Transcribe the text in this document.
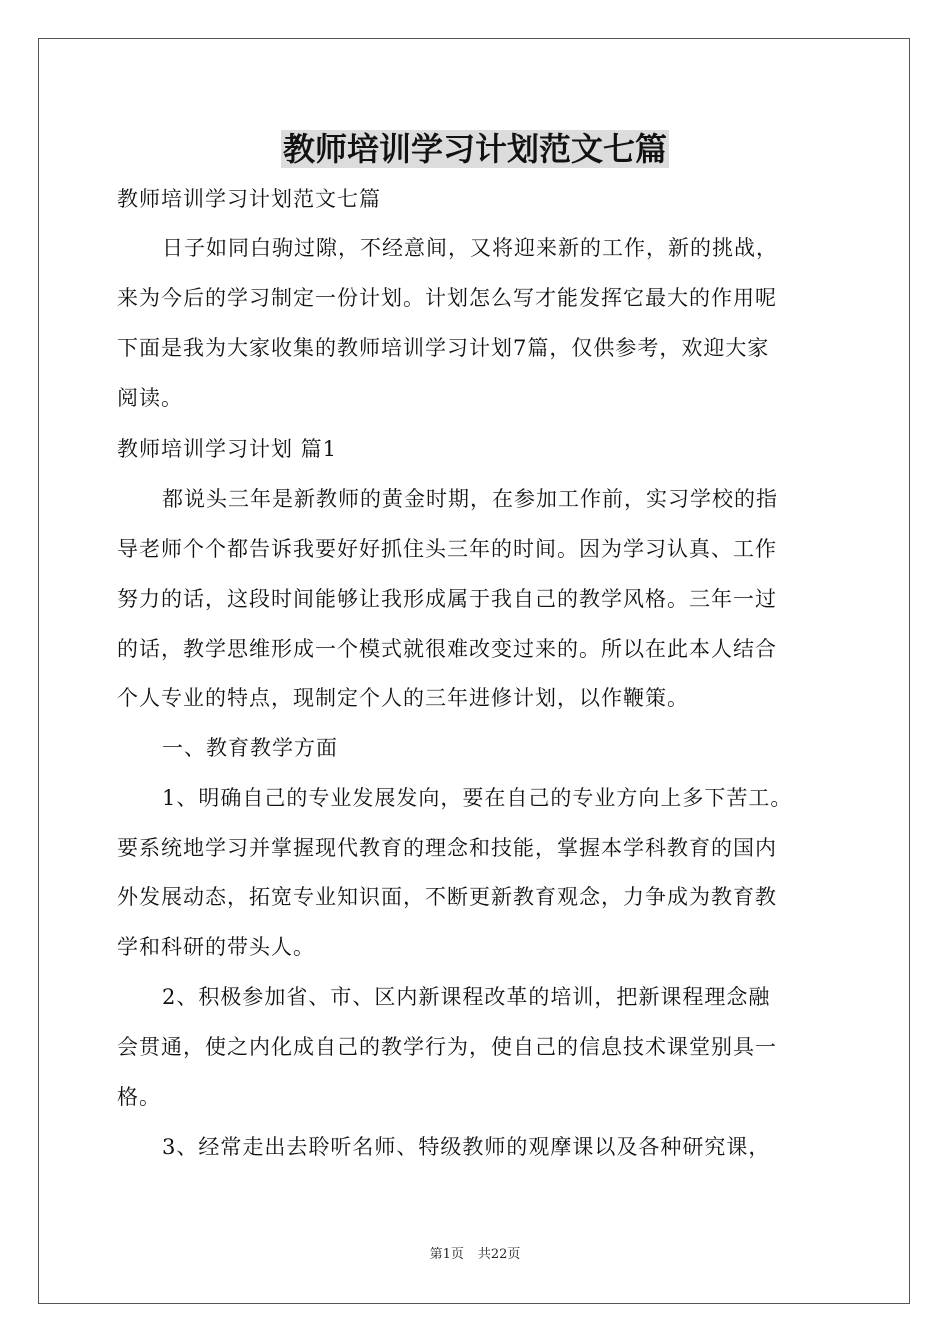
教师培训学习计划范文七篇

教师培训学习计划范文七篇

日子如同白驹过隙，不经意间，又将迎来新的工作，新的挑战，

来为今后的学习制定一份计划。计划怎么写才能发挥它最大的作用呢

下面是我为大家收集的教师培训学习计划7篇，仅供参考，欢迎大家

阅读。

教师培训学习计划 篇1

都说头三年是新教师的黄金时期，在参加工作前，实习学校的指

导老师个个都告诉我要好好抓住头三年的时间。因为学习认真、工作

努力的话，这段时间能够让我形成属于我自己的教学风格。三年一过

的话，教学思维形成一个模式就很难改变过来的。所以在此本人结合

个人专业的特点，现制定个人的三年进修计划，以作鞭策。

一、教育教学方面

1、明确自己的专业发展发向，要在自己的专业方向上多下苦工。

要系统地学习并掌握现代教育的理念和技能，掌握本学科教育的国内

外发展动态，拓宽专业知识面，不断更新教育观念，力争成为教育教

学和科研的带头人。

2、积极参加省、市、区内新课程改革的培训，把新课程理念融

会贯通，使之内化成自己的教学行为，使自己的信息技术课堂别具一

格。

3、经常走出去聆听名师、特级教师的观摩课以及各种研究课，

第1页 共22页
